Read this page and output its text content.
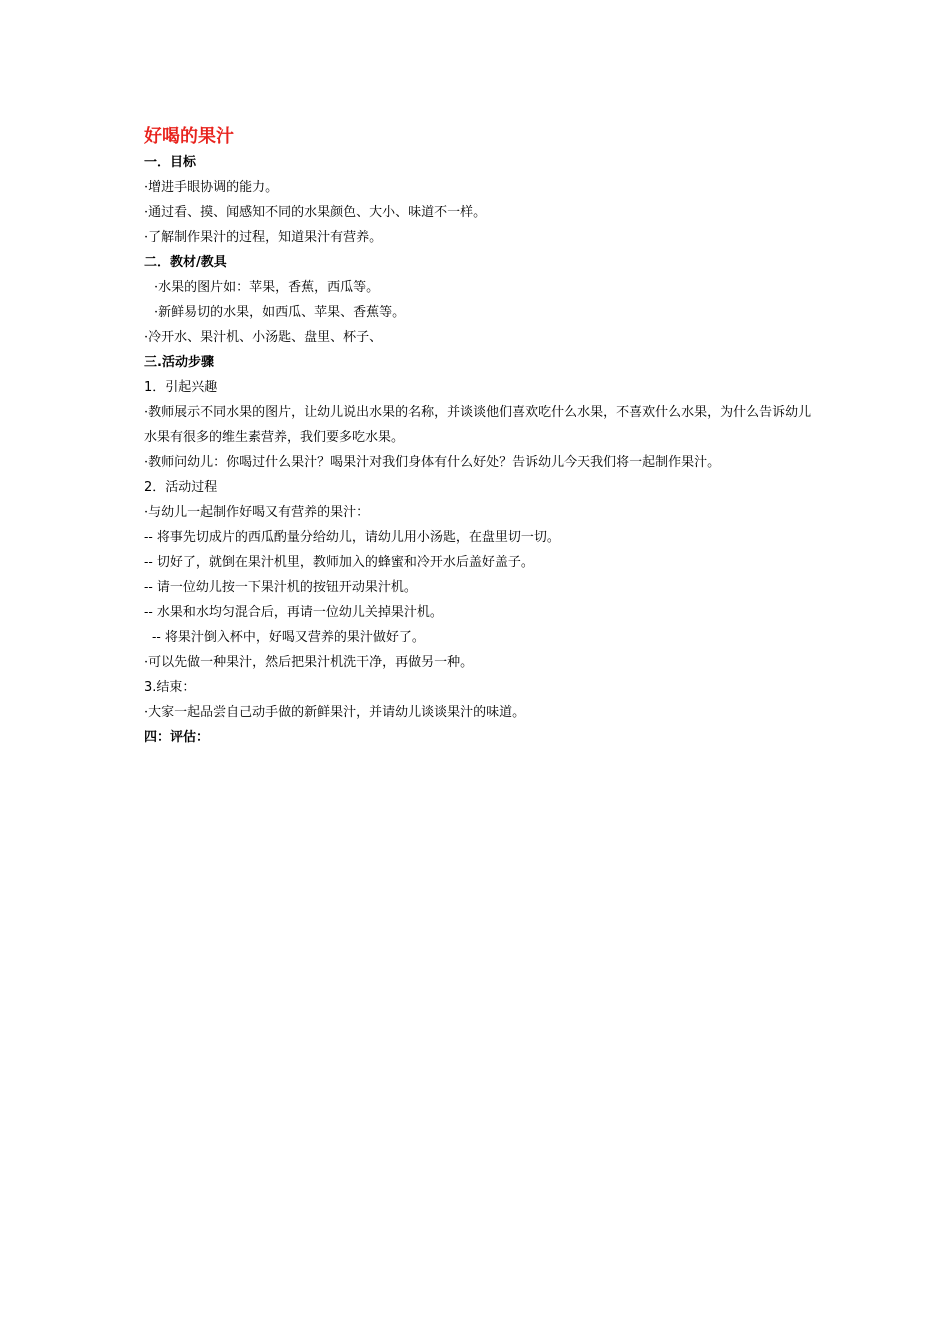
好喝的果汁
一．目标
·增进手眼协调的能力。
·通过看、摸、闻感知不同的水果颜色、大小、味道不一样。
·了解制作果汁的过程，知道果汁有营养。
二．教材/教具
·水果的图片如：苹果，香蕉，西瓜等。
·新鲜易切的水果，如西瓜、苹果、香蕉等。
·冷开水、果汁机、小汤匙、盘里、杯子、
三.活动步骤
1．引起兴趣
·教师展示不同水果的图片，让幼儿说出水果的名称，并谈谈他们喜欢吃什么水果，不喜欢什么水果，为什么告诉幼儿水果有很多的维生素营养，我们要多吃水果。
·教师问幼儿：你喝过什么果汁？喝果汁对我们身体有什么好处？告诉幼儿今天我们将一起制作果汁。
2．活动过程
·与幼儿一起制作好喝又有营养的果汁：
-- 将事先切成片的西瓜酌量分给幼儿，请幼儿用小汤匙，在盘里切一切。
-- 切好了，就倒在果汁机里，教师加入的蜂蜜和冷开水后盖好盖子。
-- 请一位幼儿按一下果汁机的按钮开动果汁机。
-- 水果和水均匀混合后，再请一位幼儿关掉果汁机。
-- 将果汁倒入杯中，好喝又营养的果汁做好了。
·可以先做一种果汁，然后把果汁机洗干净，再做另一种。
3.结束：
·大家一起品尝自己动手做的新鲜果汁，并请幼儿谈谈果汁的味道。
四：评估：
